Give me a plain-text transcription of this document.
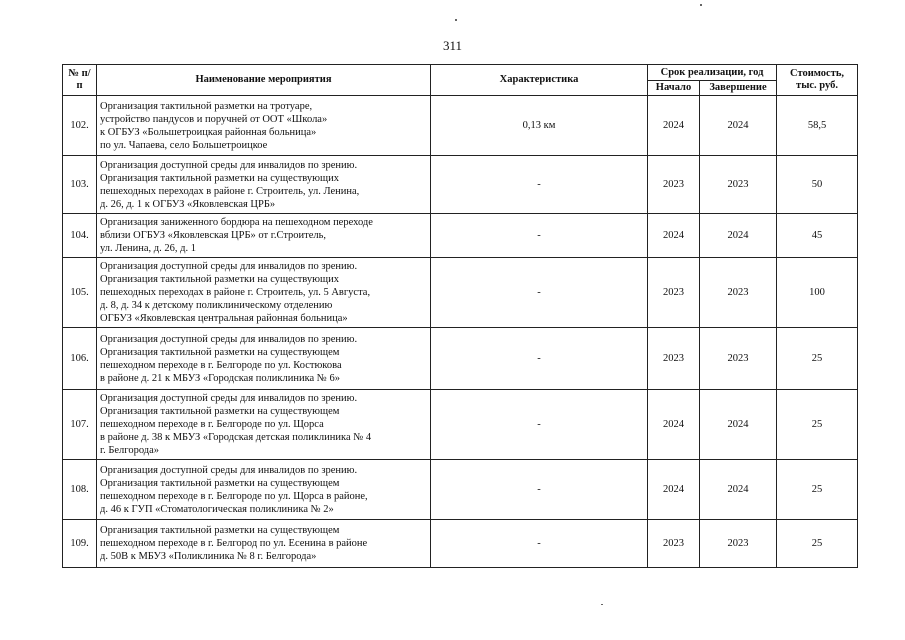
311
№ п/п	Наименование мероприятия	Характеристика	Срок реализации, год		Стоимость, тыс. руб.
			Начало	Завершение	
102.	Организация тактильной разметки на тротуаре,
устройство пандусов и поручней от ООТ «Школа»
к ОГБУЗ «Большетроицкая районная больница»
по ул. Чапаева, село Большетроицкое	0,13 км	2024	2024	58,5
103.	Организация доступной среды для инвалидов по зрению.
Организация тактильной разметки на существующих
пешеходных переходах в районе г. Строитель, ул. Ленина,
д. 26, д. 1 к ОГБУЗ «Яковлевская ЦРБ»	-	2023	2023	50
104.	Организация заниженного бордюра на пешеходном переходе
вблизи ОГБУЗ «Яковлевская ЦРБ» от г.Строитель,
ул. Ленина, д. 26, д. 1	-	2024	2024	45
105.	Организация доступной среды для инвалидов по зрению.
Организация тактильной разметки на существующих
пешеходных переходах в районе г. Строитель, ул. 5 Августа,
д. 8, д. 34 к детскому поликлиническому отделению
ОГБУЗ «Яковлевская центральная районная больница»	-	2023	2023	100
106.	Организация доступной среды для инвалидов по зрению.
Организация тактильной разметки на существующем
пешеходном переходе в г. Белгороде по ул. Костюкова
в районе д. 21 к МБУЗ «Городская поликлиника № 6»	-	2023	2023	25
107.	Организация доступной среды для инвалидов по зрению.
Организация тактильной разметки на существующем
пешеходном переходе в г. Белгороде по ул. Щорса
в районе д. 38 к МБУЗ «Городская детская поликлиника № 4
г. Белгорода»	-	2024	2024	25
108.	Организация доступной среды для инвалидов по зрению.
Организация тактильной разметки на существующем
пешеходном переходе в г. Белгороде по ул. Щорса в районе,
д. 46 к ГУП «Стоматологическая поликлиника № 2»	-	2024	2024	25
109.	Организация тактильной разметки на существующем
пешеходном переходе в г. Белгород по ул. Есенина в районе
д. 50В к МБУЗ «Поликлиника № 8 г. Белгорода»	-	2023	2023	25
